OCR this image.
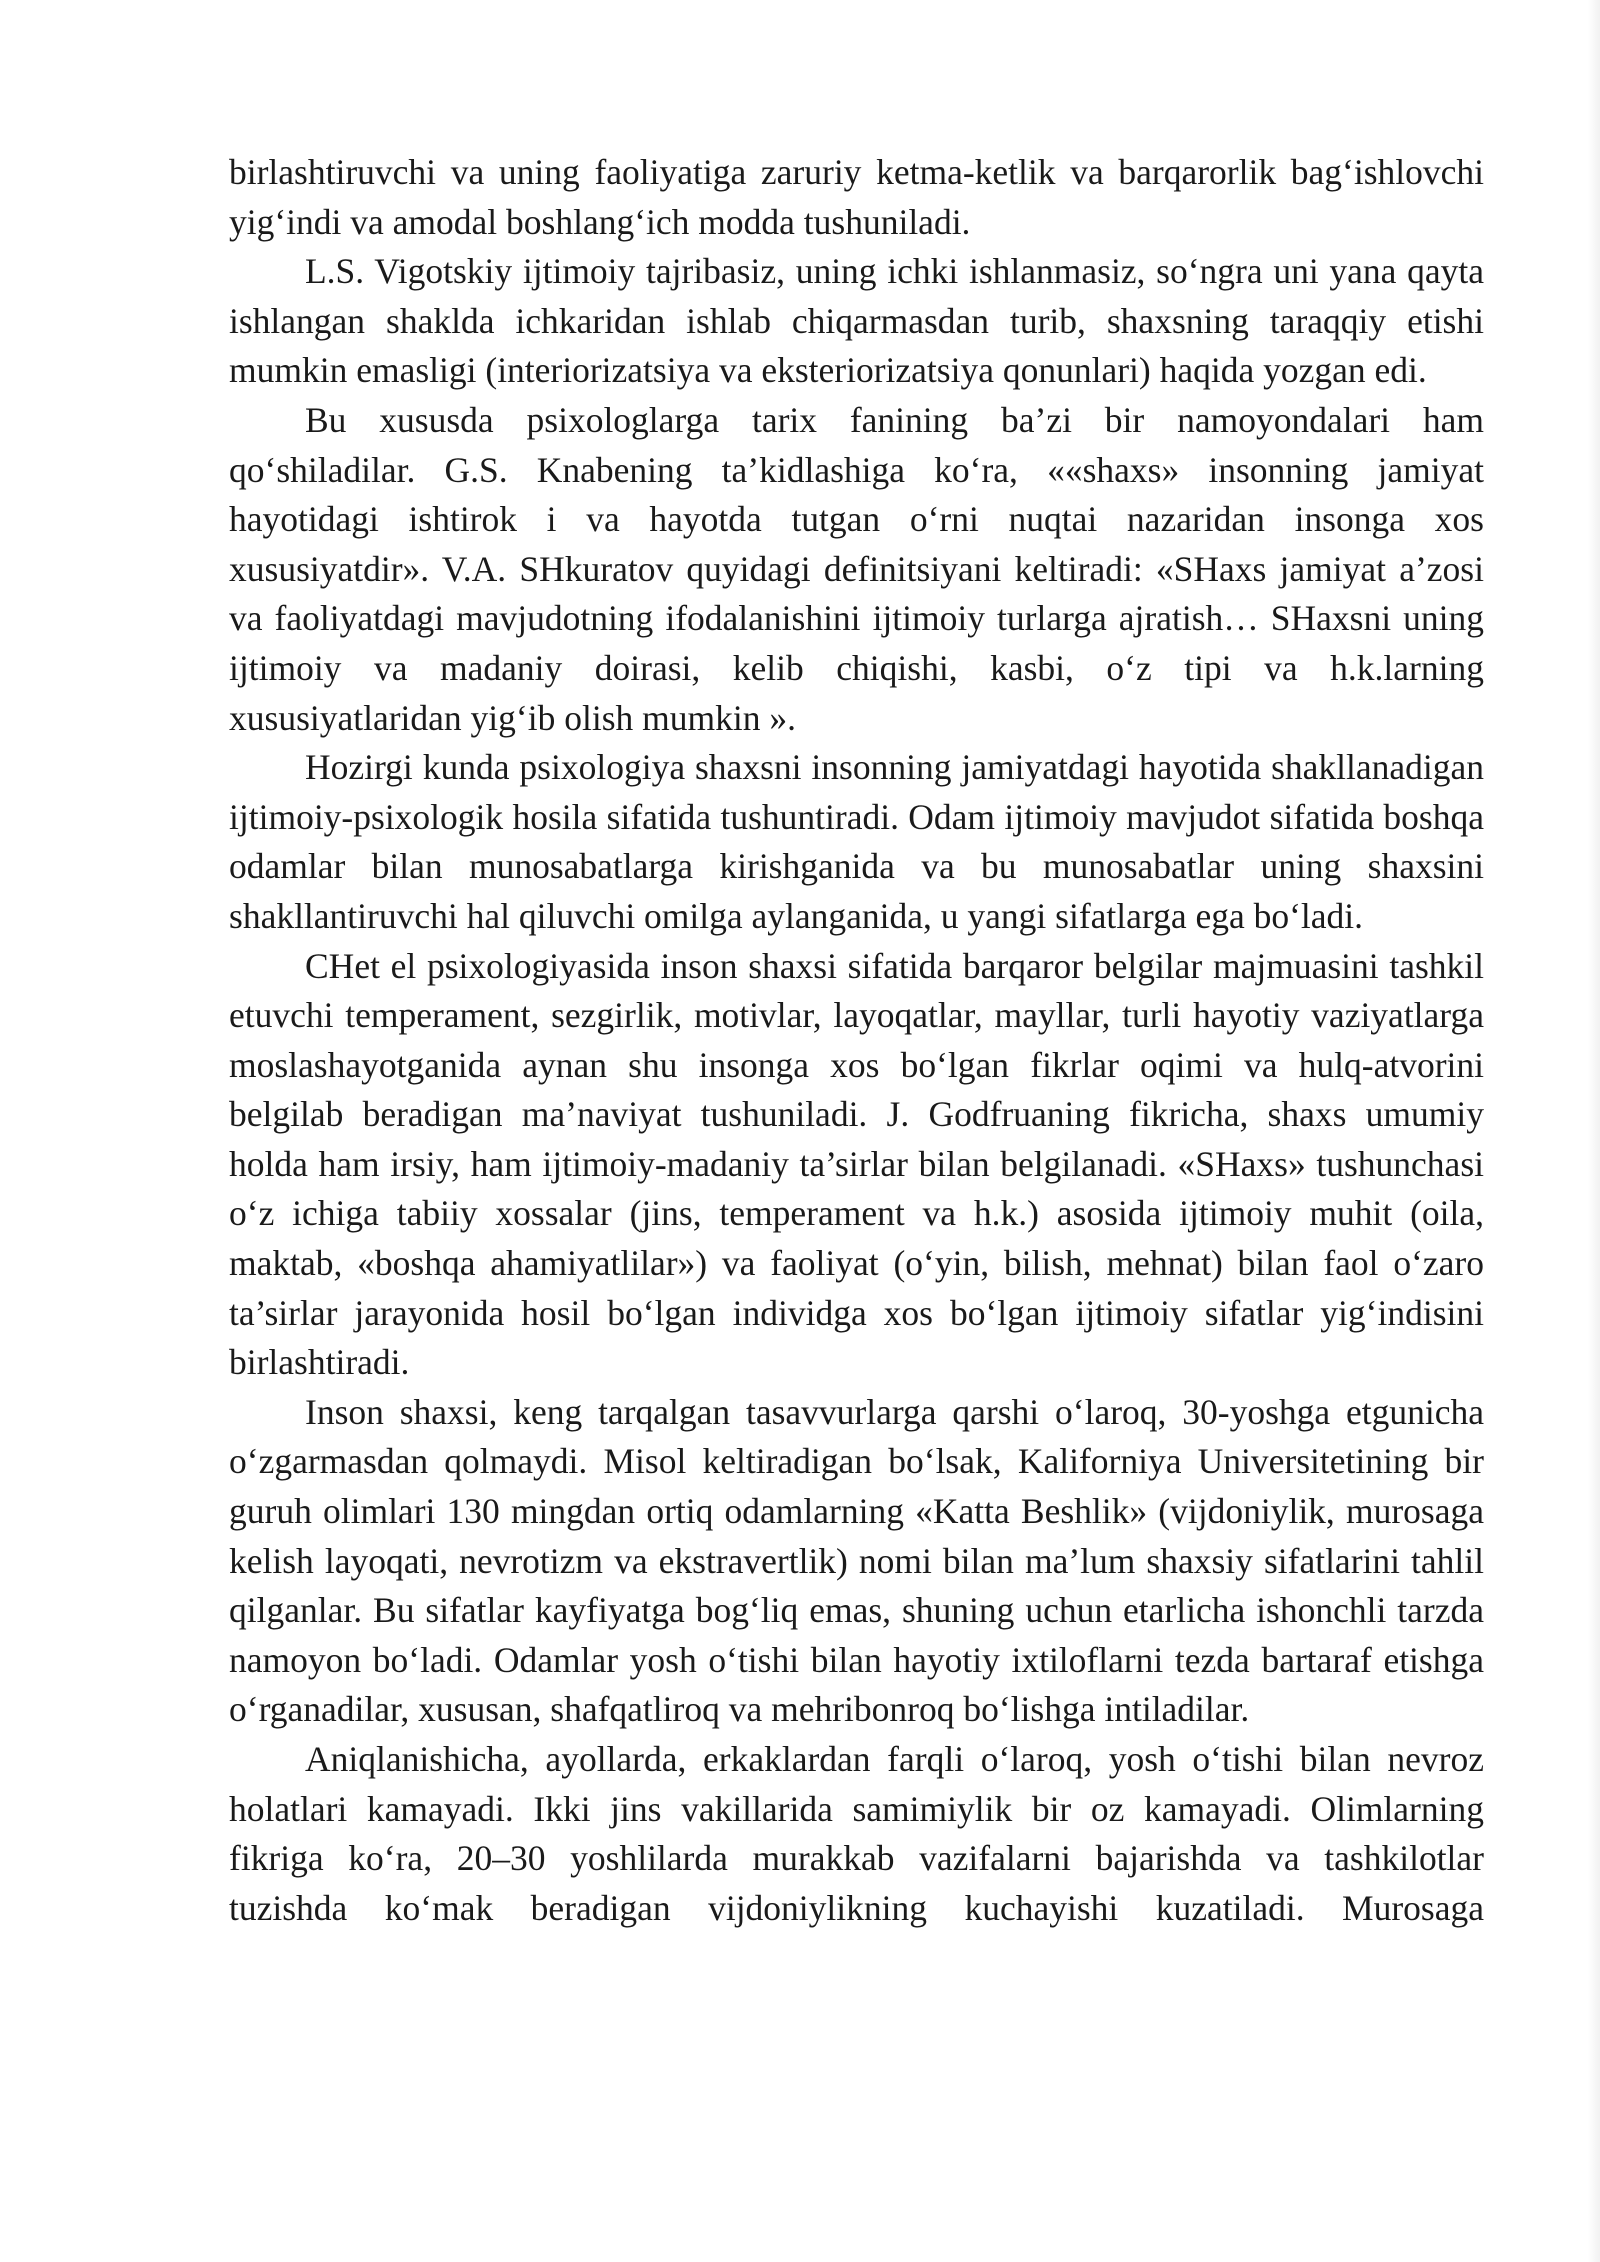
birlashtiruvchi va uning faoliyatiga zaruriy ketma-ketlik va barqarorlik bag‘ishlovchi yig‘indi va amodal boshlang‘ich modda tushuniladi.

L.S. Vigotskiy ijtimoiy tajribasiz, uning ichki ishlanmasiz, so‘ngra uni yana qayta ishlangan shaklda ichkaridan ishlab chiqarmasdan turib, shaxsning taraqqiy etishi mumkin emasligi (interiorizatsiya va eksteriorizatsiya qonunlari) haqida yozgan edi.

Bu xususda psixologlarga tarix fanining ba’zi bir namoyondalari ham qo‘shiladilar. G.S. Knabening ta’kidlashiga ko‘ra, ««shaxs» insonning jamiyat hayotidagi ishtirok i va hayotda tutgan o‘rni nuqtai nazaridan insonga xos xususiyatdir». V.A. SHkuratov quyidagi definitsiyani keltiradi: «SHaxs jamiyat a’zosi va faoliyatdagi mavjudotning ifodalanishini ijtimoiy turlarga ajratish… SHaxsni uning ijtimoiy va madaniy doirasi, kelib chiqishi, kasbi, o‘z tipi va h.k.larning xususiyatlaridan yig‘ib olish mumkin ».

Hozirgi kunda psixologiya shaxsni insonning jamiyatdagi hayotida shakllanadigan ijtimoiy-psixologik hosila sifatida tushuntiradi. Odam ijtimoiy mavjudot sifatida boshqa odamlar bilan munosabatlarga kirishganida va bu munosabatlar uning shaxsini shakllantiruvchi hal qiluvchi omilga aylanganida, u yangi sifatlarga ega bo‘ladi.

CHet el psixologiyasida inson shaxsi sifatida barqaror belgilar majmuasini tashkil etuvchi temperament, sezgirlik, motivlar, layoqatlar, mayllar, turli hayotiy vaziyatlarga moslashayotganida aynan shu insonga xos bo‘lgan fikrlar oqimi va hulq-atvorini belgilab beradigan ma’naviyat tushuniladi. J. Godfruaning fikricha, shaxs umumiy holda ham irsiy, ham ijtimoiy-madaniy ta’sirlar bilan belgilanadi. «SHaxs» tushunchasi o‘z ichiga tabiiy xossalar (jins, temperament va h.k.) asosida ijtimoiy muhit (oila, maktab, «boshqa ahamiyatlilar») va faoliyat (o‘yin, bilish, mehnat) bilan faol o‘zaro ta’sirlar jarayonida hosil bo‘lgan individga xos bo‘lgan ijtimoiy sifatlar yig‘indisini birlashtiradi.

Inson shaxsi, keng tarqalgan tasavvurlarga qarshi o‘laroq, 30-yoshga etgunicha o‘zgarmasdan qolmaydi. Misol keltiradigan bo‘lsak, Kaliforniya Universitetining bir guruh olimlari 130 mingdan ortiq odamlarning «Katta Beshlik» (vijdoniylik, murosaga kelish layoqati, nevrotizm va ekstravertlik) nomi bilan ma’lum shaxsiy sifatlarini tahlil qilganlar. Bu sifatlar kayfiyatga bog‘liq emas, shuning uchun etarlicha ishonchli tarzda namoyon bo‘ladi. Odamlar yosh o‘tishi bilan hayotiy ixtiloflarni tezda bartaraf etishga o‘rganadilar, xususan, shafqatliroq va mehribonroq bo‘lishga intiladilar.

Aniqlanishicha, ayollarda, erkaklardan farqli o‘laroq, yosh o‘tishi bilan nevroz holatlari kamayadi. Ikki jins vakillarida samimiylik bir oz kamayadi. Olimlarning fikriga ko‘ra, 20–30 yoshlilarda murakkab vazifalarni bajarishda va tashkilotlar tuzishda ko‘mak beradigan vijdoniylikning kuchayishi kuzatiladi. Murosaga
